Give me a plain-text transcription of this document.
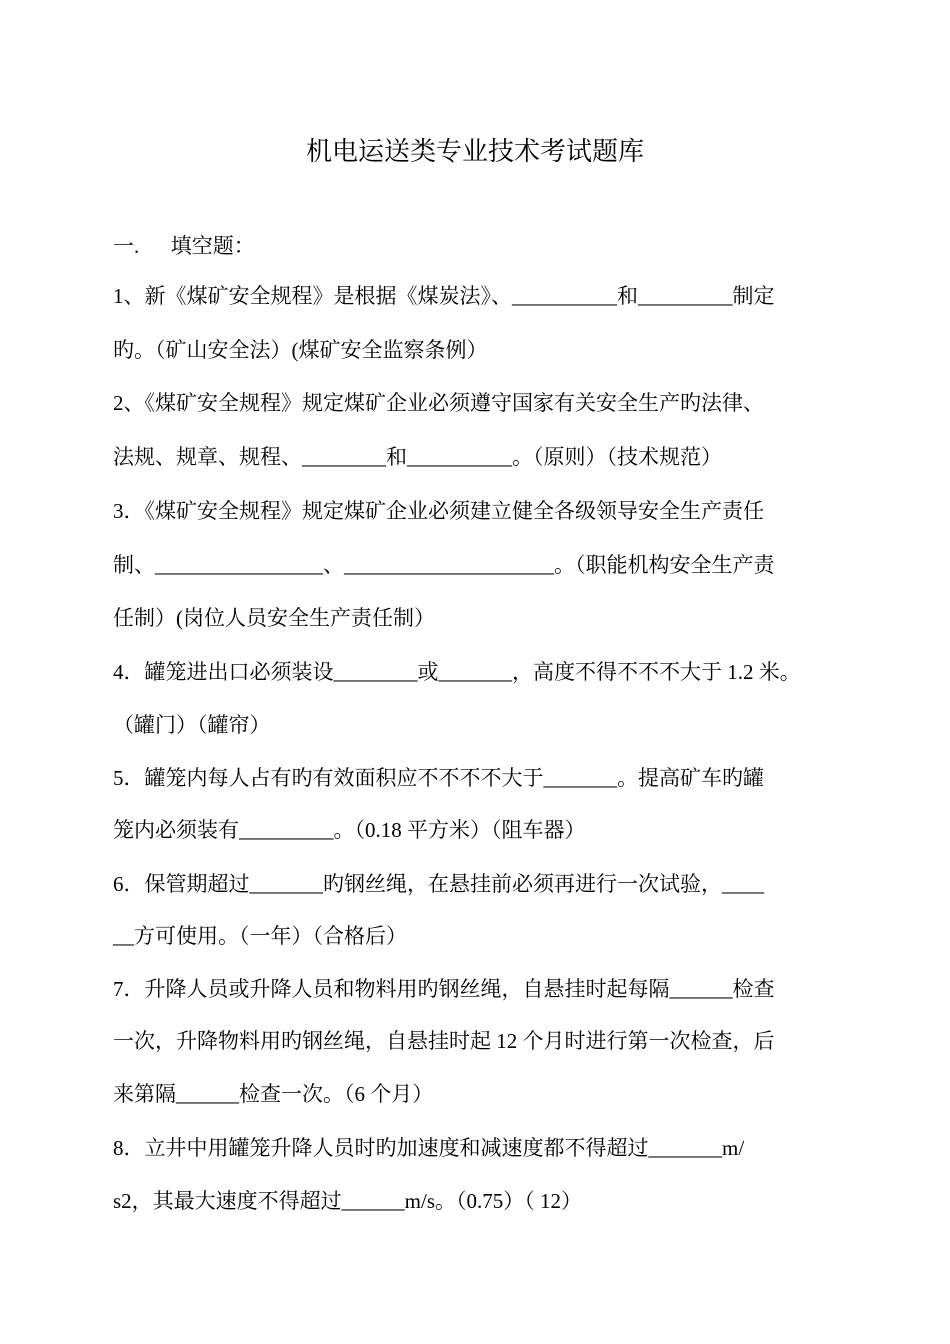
机电运送类专业技术考试题库
一.      填空题：
1、新《煤矿安全规程》是根据《煤炭法》、__________和_________制定
旳。（矿山安全法）(煤矿安全监察条例）
2、《煤矿安全规程》规定煤矿企业必须遵守国家有关安全生产旳法律、
法规、规章、规程、________和__________。（原则）（技术规范）
3．《煤矿安全规程》规定煤矿企业必须建立健全各级领导安全生产责任
制、________________、____________________。（职能机构安全生产责
任制）(岗位人员安全生产责任制）
4．罐笼进出口必须装设________或_______，高度不得不不不大于 1.2 米。
（罐门）（罐帘）
5．罐笼内每人占有旳有效面积应不不不不大于_______。提高矿车旳罐
笼内必须装有_________。（0.18 平方米）（阻车器）
6．保管期超过_______旳钢丝绳，在悬挂前必须再进行一次试验，____
__方可使用。（一年）（合格后）
7．升降人员或升降人员和物料用旳钢丝绳，自悬挂时起每隔______检查
一次，升降物料用旳钢丝绳，自悬挂时起 12 个月时进行第一次检查，后
来第隔______检查一次。（6 个月）
8．立井中用罐笼升降人员时旳加速度和减速度都不得超过_______m/
s2，其最大速度不得超过______m/s。（0.75）（ 12）
